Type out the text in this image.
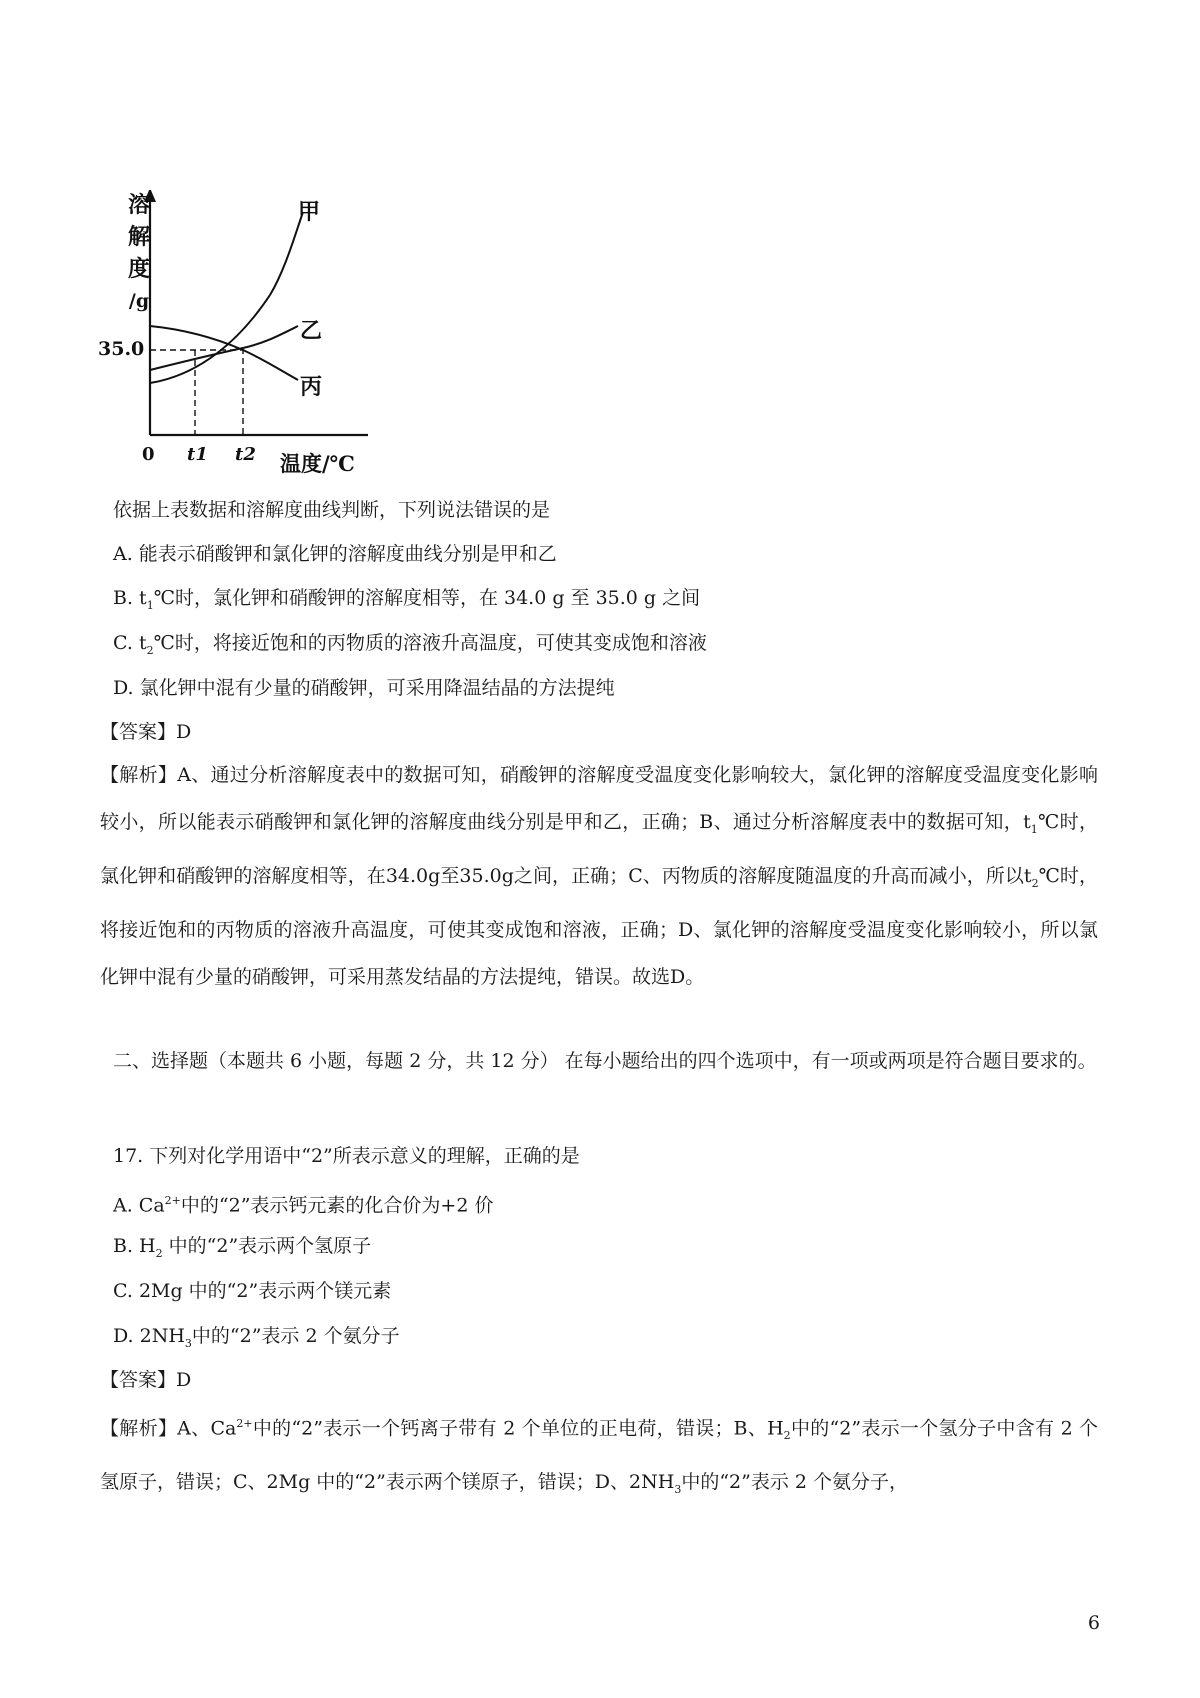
溶
解
度
/g
35.0
0 t1 t2 温度/℃
甲
乙
丙
依据上表数据和溶解度曲线判断，下列说法错误的是
A. 能表示硝酸钾和氯化钾的溶解度曲线分别是甲和乙
B. $t_1℃$时，氯化钾和硝酸钾的溶解度相等，在 34.0 g 至 35.0 g 之间
C. $t_2℃$时，将接近饱和的丙物质的溶液升高温度，可使其变成饱和溶液
D. 氯化钾中混有少量的硝酸钾，可采用降温结晶的方法提纯
【答案】D
【解析】A、通过分析溶解度表中的数据可知，硝酸钾的溶解度受温度变化影响较大，氯化钾的溶解度受温度变化影响较小，所以能表示硝酸钾和氯化钾的溶解度曲线分别是甲和乙，正确；B、通过分析溶解度表中的数据可知，$t_1℃$时，氯化钾和硝酸钾的溶解度相等，在34.0g至35.0g之间，正确；C、丙物质的溶解度随温度的升高而减小，所以$t_2℃$时，将接近饱和的丙物质的溶液升高温度，可使其变成饱和溶液，正确；D、氯化钾的溶解度受温度变化影响较小，所以氯化钾中混有少量的硝酸钾，可采用蒸发结晶的方法提纯，错误。故选D。
二、选择题（本题共 6 小题，每题 2 分，共 12 分） 在每小题给出的四个选项中，有一项或两项是符合题目要求的。
17. 下列对化学用语中“2”所表示意义的理解，正确的是
A. $Ca^{2+}$中的“2”表示钙元素的化合价为+2 价
B. $H_2$ 中的“2”表示两个氢原子
C. 2Mg 中的“2”表示两个镁元素
D. $2NH_3$中的“2”表示 2 个氨分子
【答案】D
【解析】A、$Ca^{2+}$中的“2”表示一个钙离子带有 2 个单位的正电荷，错误；B、$H_2$中的“2”表示一个氢分子中含有 2 个氢原子，错误；C、2Mg 中的“2”表示两个镁原子，错误；D、$2NH_3$中的“2”表示 2 个氨分子，
6
